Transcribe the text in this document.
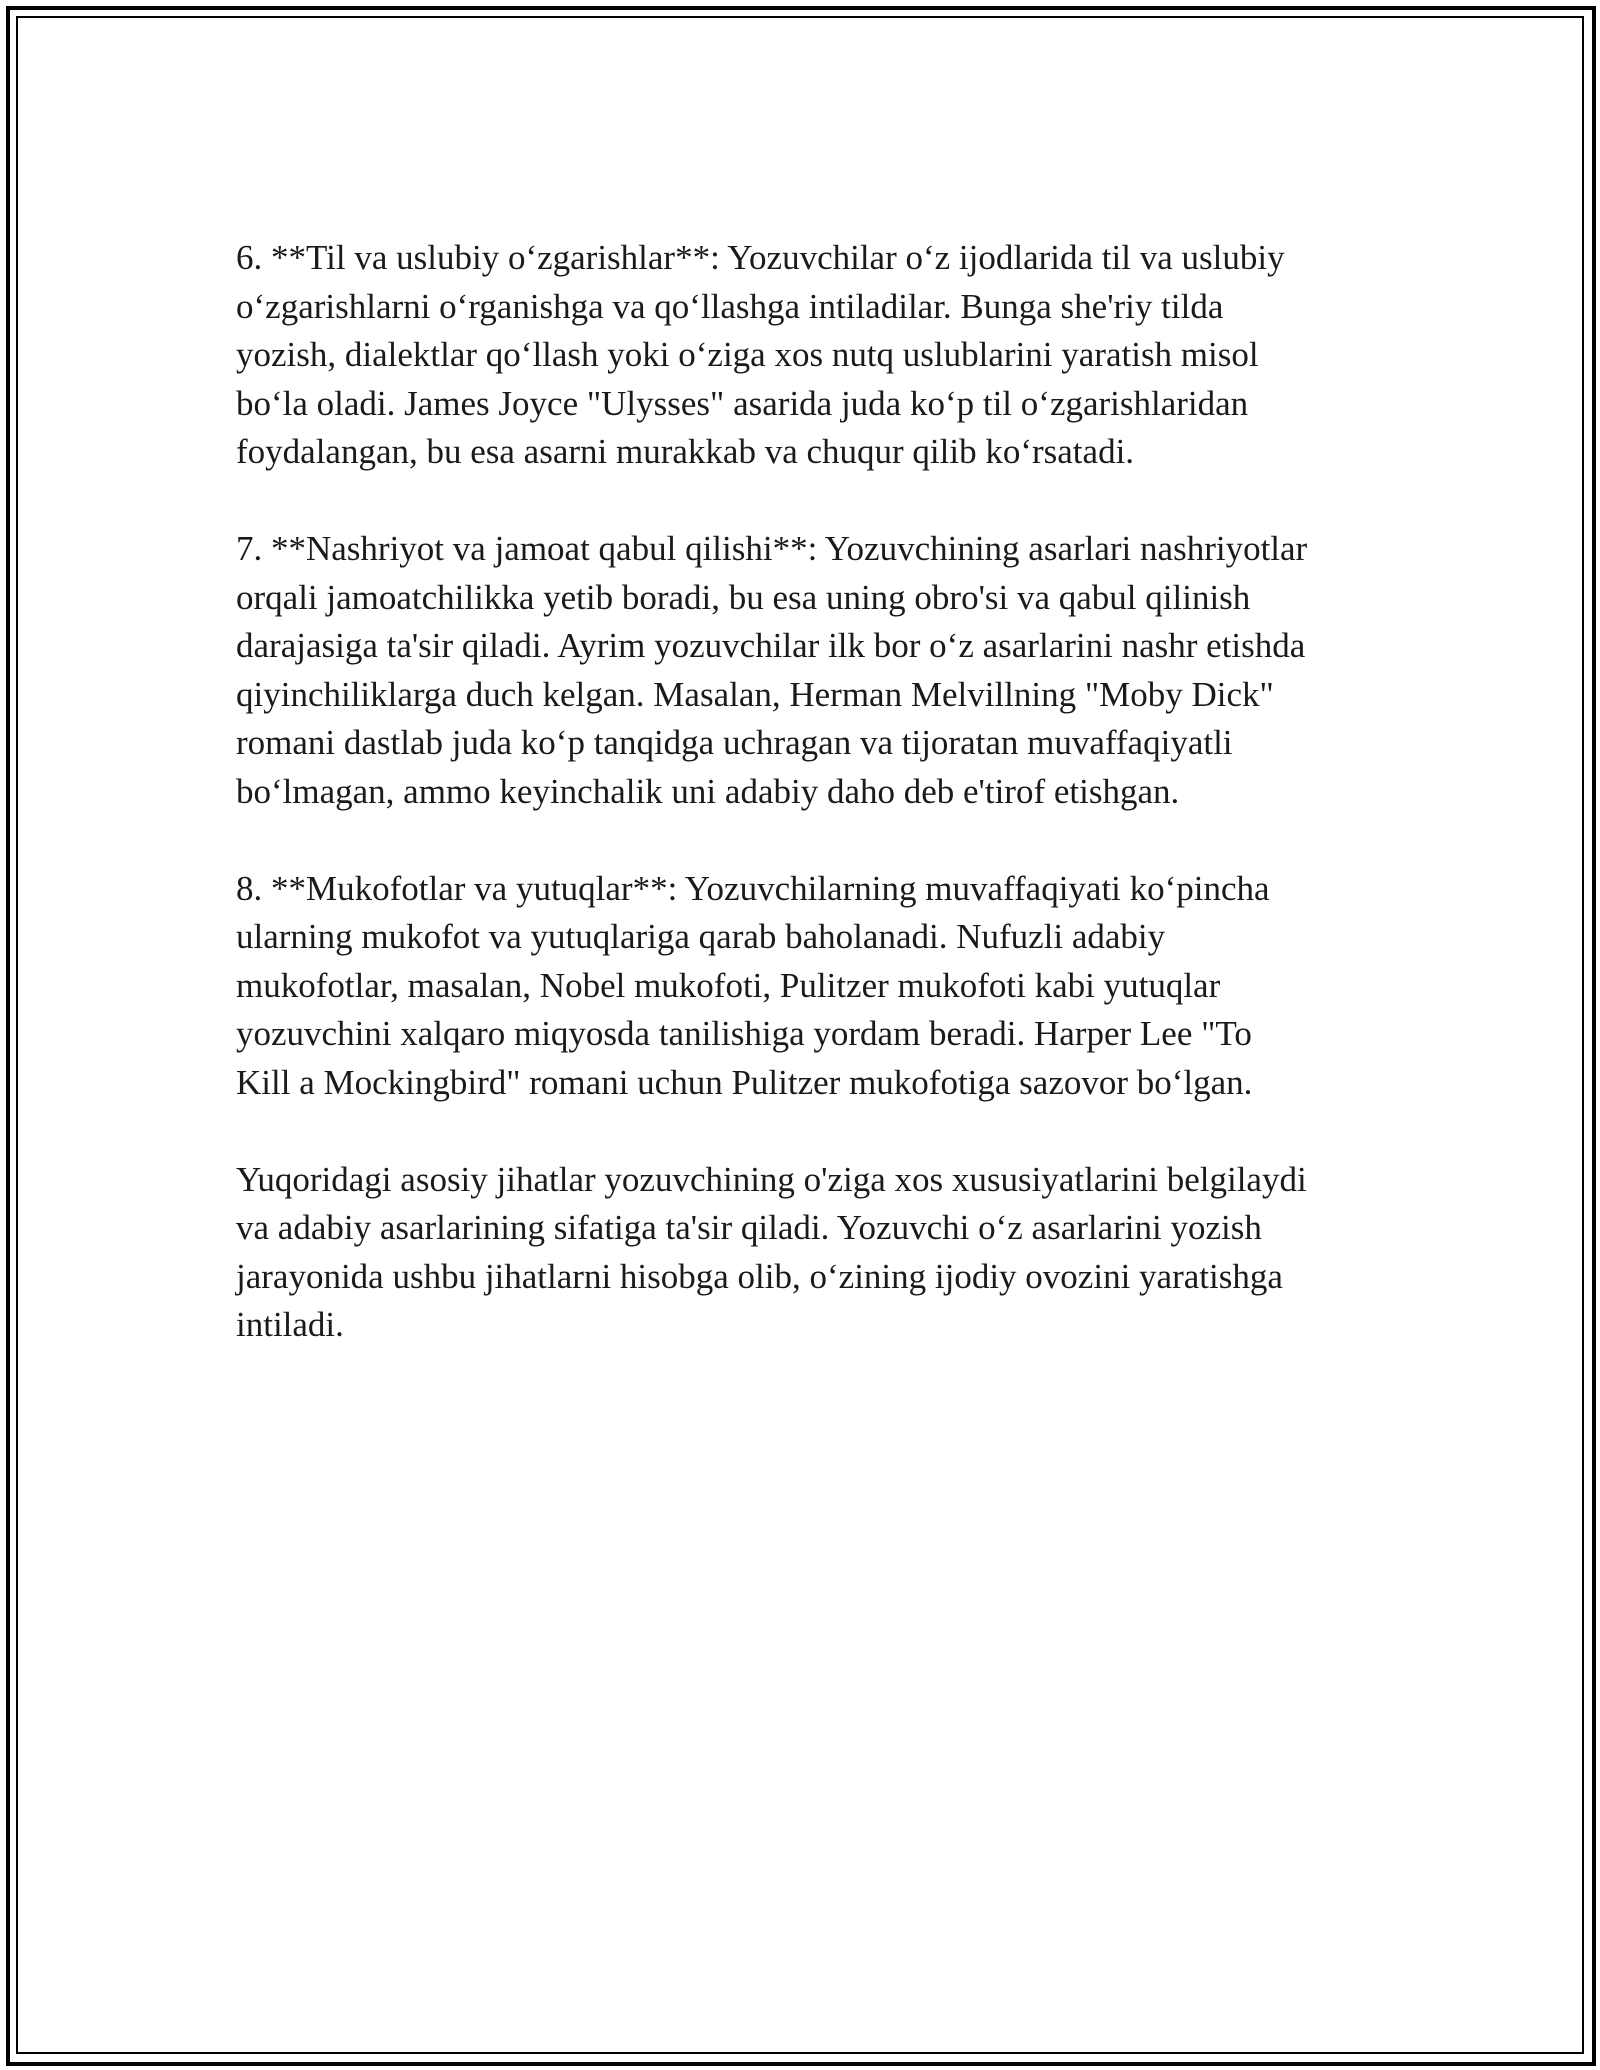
6. **Til va uslubiy o‘zgarishlar**: Yozuvchilar o‘z ijodlarida til va uslubiy
o‘zgarishlarni o‘rganishga va qo‘llashga intiladilar. Bunga she'riy tilda
yozish, dialektlar qo‘llash yoki o‘ziga xos nutq uslublarini yaratish misol
bo‘la oladi. James Joyce "Ulysses" asarida juda ko‘p til o‘zgarishlaridan
foydalangan, bu esa asarni murakkab va chuqur qilib ko‘rsatadi.

7. **Nashriyot va jamoat qabul qilishi**: Yozuvchining asarlari nashriyotlar
orqali jamoatchilikka yetib boradi, bu esa uning obro'si va qabul qilinish
darajasiga ta'sir qiladi. Ayrim yozuvchilar ilk bor o‘z asarlarini nashr etishda
qiyinchiliklarga duch kelgan. Masalan, Herman Melvillning "Moby Dick"
romani dastlab juda ko‘p tanqidga uchragan va tijoratan muvaffaqiyatli
bo‘lmagan, ammo keyinchalik uni adabiy daho deb e'tirof etishgan.

8. **Mukofotlar va yutuqlar**: Yozuvchilarning muvaffaqiyati ko‘pincha
ularning mukofot va yutuqlariga qarab baholanadi. Nufuzli adabiy
mukofotlar, masalan, Nobel mukofoti, Pulitzer mukofoti kabi yutuqlar
yozuvchini xalqaro miqyosda tanilishiga yordam beradi. Harper Lee "To
Kill a Mockingbird" romani uchun Pulitzer mukofotiga sazovor bo‘lgan.

Yuqoridagi asosiy jihatlar yozuvchining o'ziga xos xususiyatlarini belgilaydi
va adabiy asarlarining sifatiga ta'sir qiladi. Yozuvchi o‘z asarlarini yozish
jarayonida ushbu jihatlarni hisobga olib, o‘zining ijodiy ovozini yaratishga
intiladi.
